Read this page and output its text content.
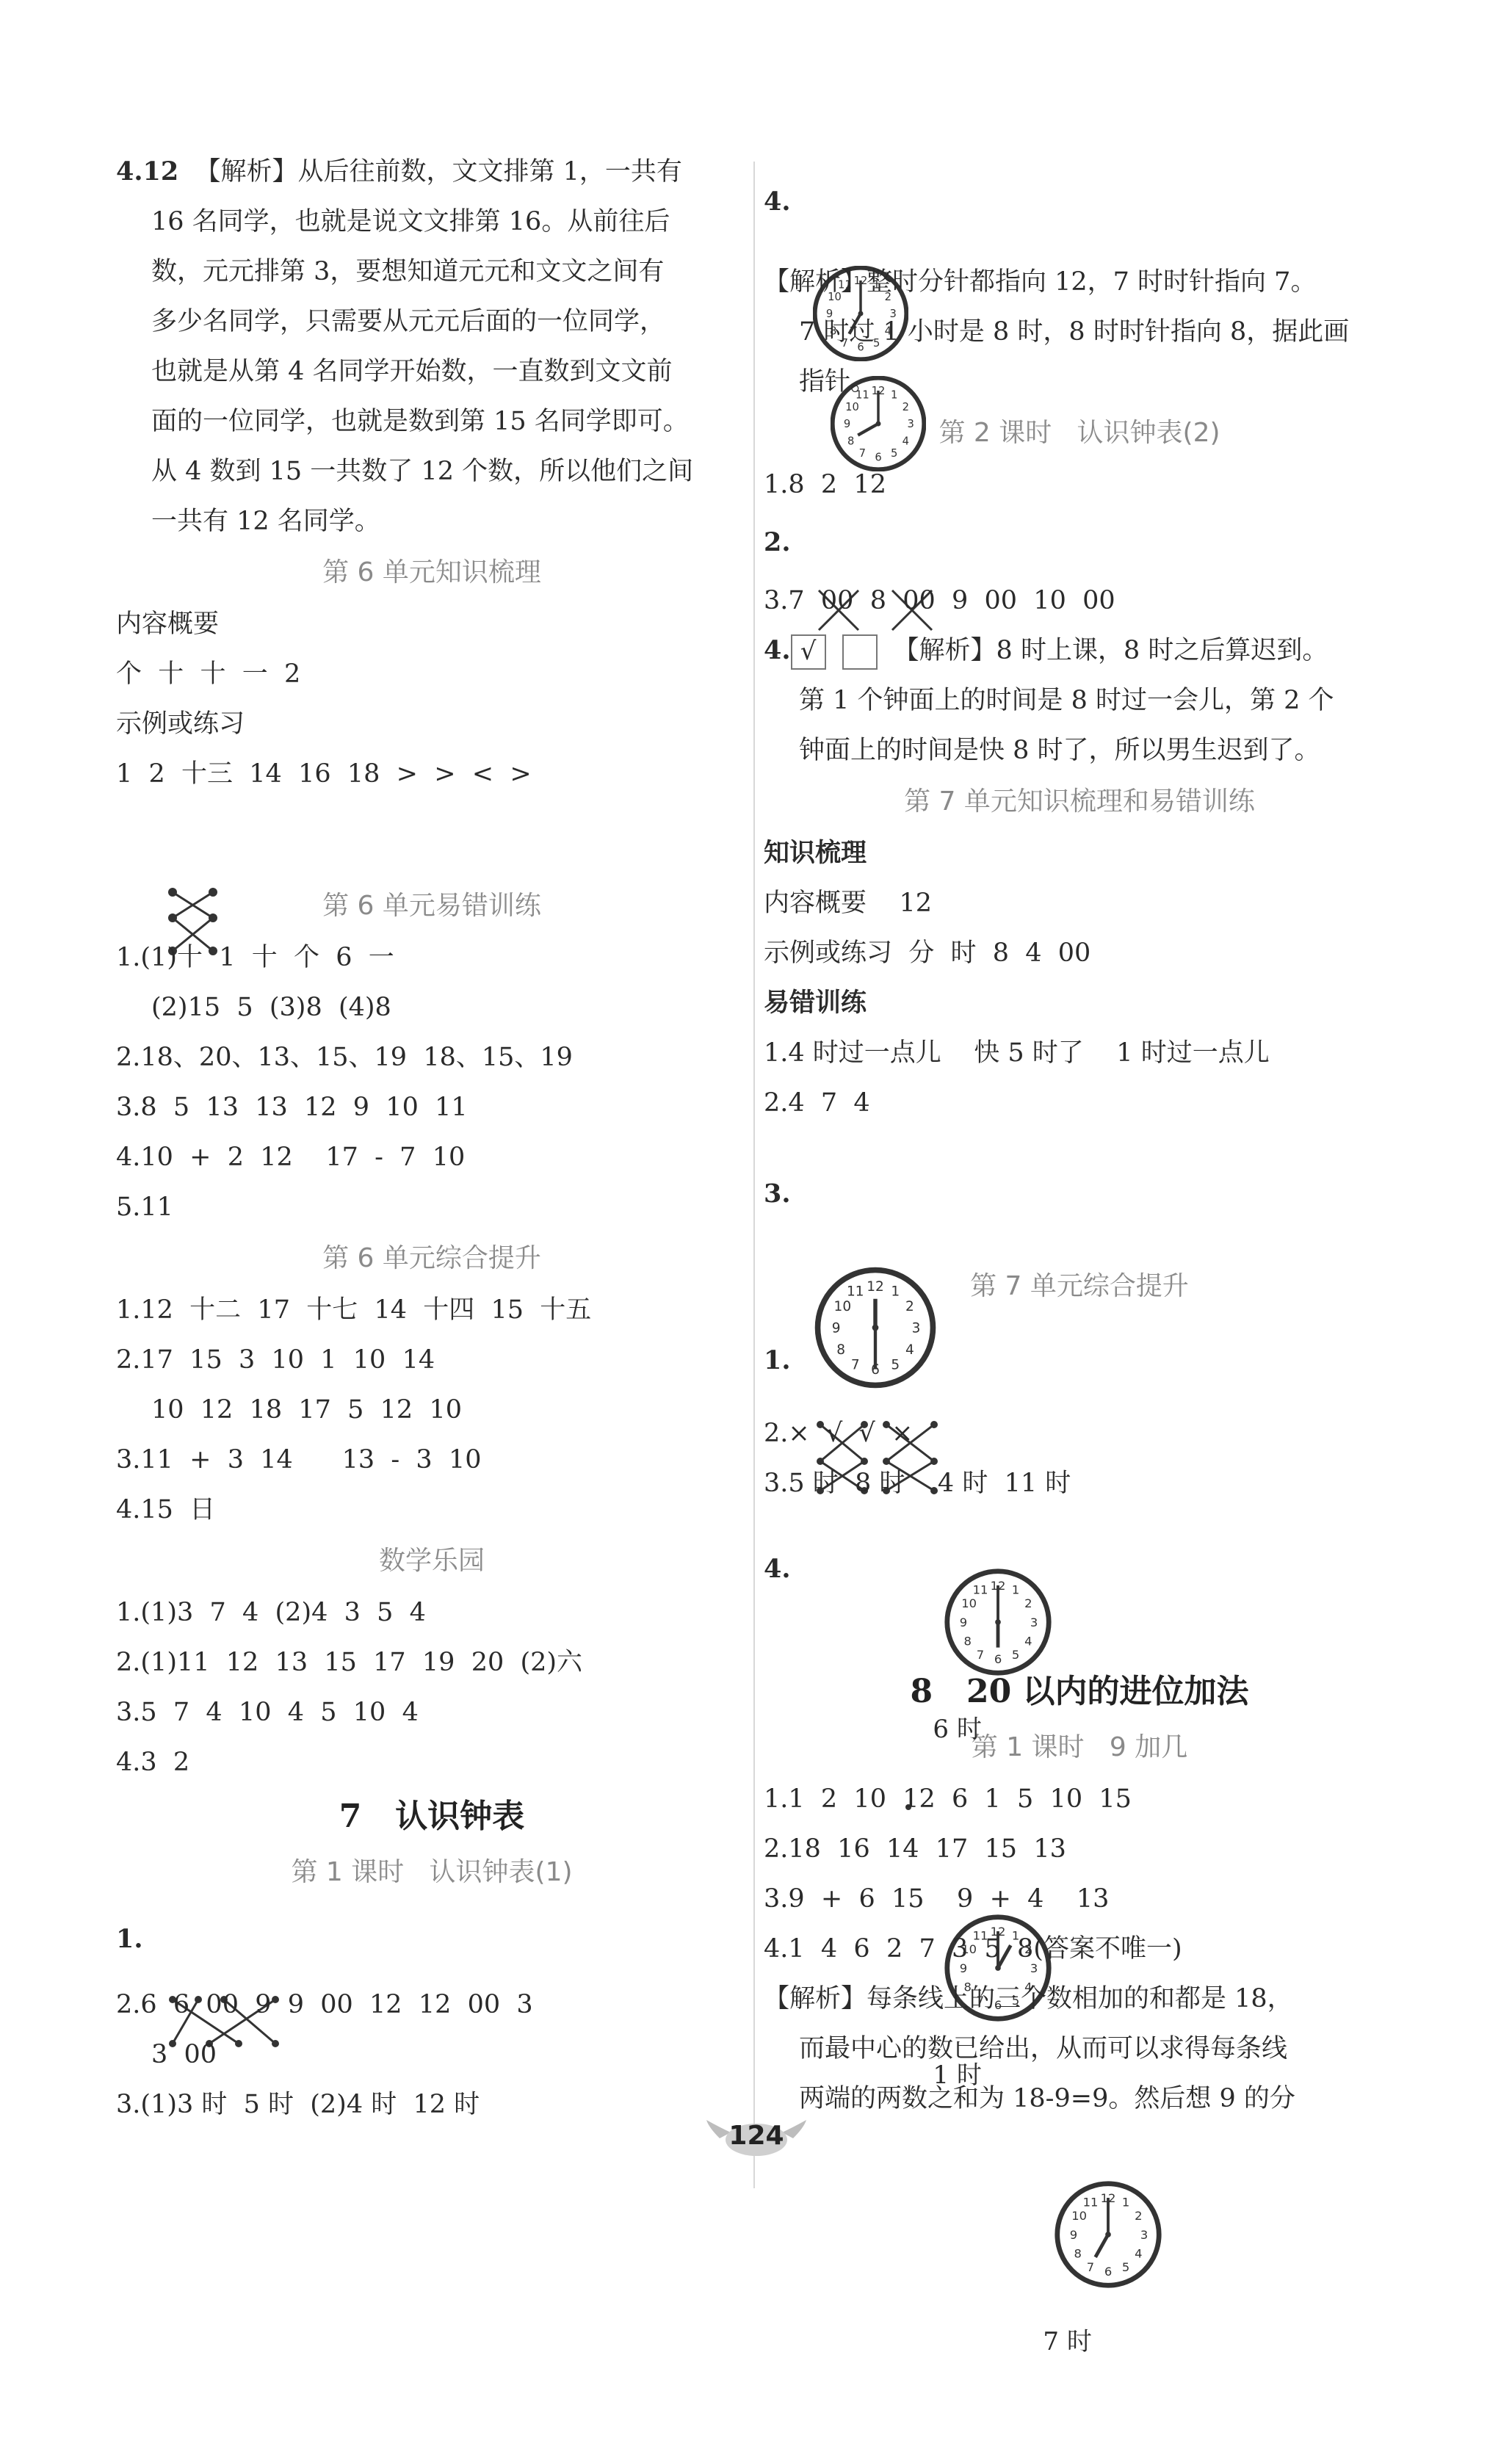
4.12 【解析】从后往前数，文文排第 1，一共有
16 名同学，也就是说文文排第 16。从前往后
数，元元排第 3，要想知道元元和文文之间有
多少名同学，只需要从元元后面的一位同学，
也就是从第 4 名同学开始数，一直数到文文前
面的一位同学，也就是数到第 15 名同学即可。
从 4 数到 15 一共数了 12 个数，所以他们之间
一共有 12 名同学。
第 6 单元知识梳理
内容概要
个  十  十  一  2
示例或练习
1  2  十三  14  16  18  >  >  <  >

第 6 单元易错训练
1.(1)十  1  十  个  6  一
(2)15  5  (3)8  (4)8
2.18、20、13、15、19  18、15、19
3.8  5  13  13  12  9  10  11
4.10  +  2  12    17  -  7  10
5.11
第 6 单元综合提升
1.12  十二  17  十七  14  十四  15  十五
2.17  15  3  10  1  10  14
10  12  18  17  5  12  10
3.11  +  3  14      13  -  3  10
4.15  日
数学乐园
1.(1)3  7  4  (2)4  3  5  4
2.(1)11  12  13  15  17  19  20  (2)六
3.5  7  4  10  4  5  10  4
4.3  2
7   认识钟表
第 1 课时   认识钟表(1)
1.

2.6  6  00  9  9  00  12  12  00  3
3  00
3.(1)3 时  5 时  (2)4 时  12 时
4.

【解析】整时分针都指向 12，7 时时针指向 7。
7 时过 1 小时是 8 时，8 时时针指向 8，据此画
指针。
第 2 课时   认识钟表(2)
1.8  2  12
2.

3.7  00  8  00  9  00  10  00
4. √	【解析】8 时上课，8 时之后算迟到。
第 1 个钟面上的时间是 8 时过一会儿，第 2 个
钟面上的时间是快 8 时了，所以男生迟到了。
第 7 单元知识梳理和易错训练
知识梳理
内容概要    12
示例或练习  分  时  8  4  00
易错训练
1.4 时过一点儿    快 5 时了    1 时过一点儿
2.4  7  4
3.

第 7 单元综合提升
1.

2.×  √  √  ×
3.5 时  8 时    4 时  11 时

4.

6 时

1 时

7 时

8   20 以内的进位加法
第 1 课时   9 加几
1.1  2  10  12  6  1  5  10  15
2.18  16  14  17  15  13
3.9  +  6  15    9  +  4    13
4.1  4  6  2  7  3  5  8(答案不唯一)
【解析】每条线上的三个数相加的和都是 18，
而最中心的数已给出，从而可以求得每条线
两端的两数之和为 18-9=9。然后想 9 的分
124
